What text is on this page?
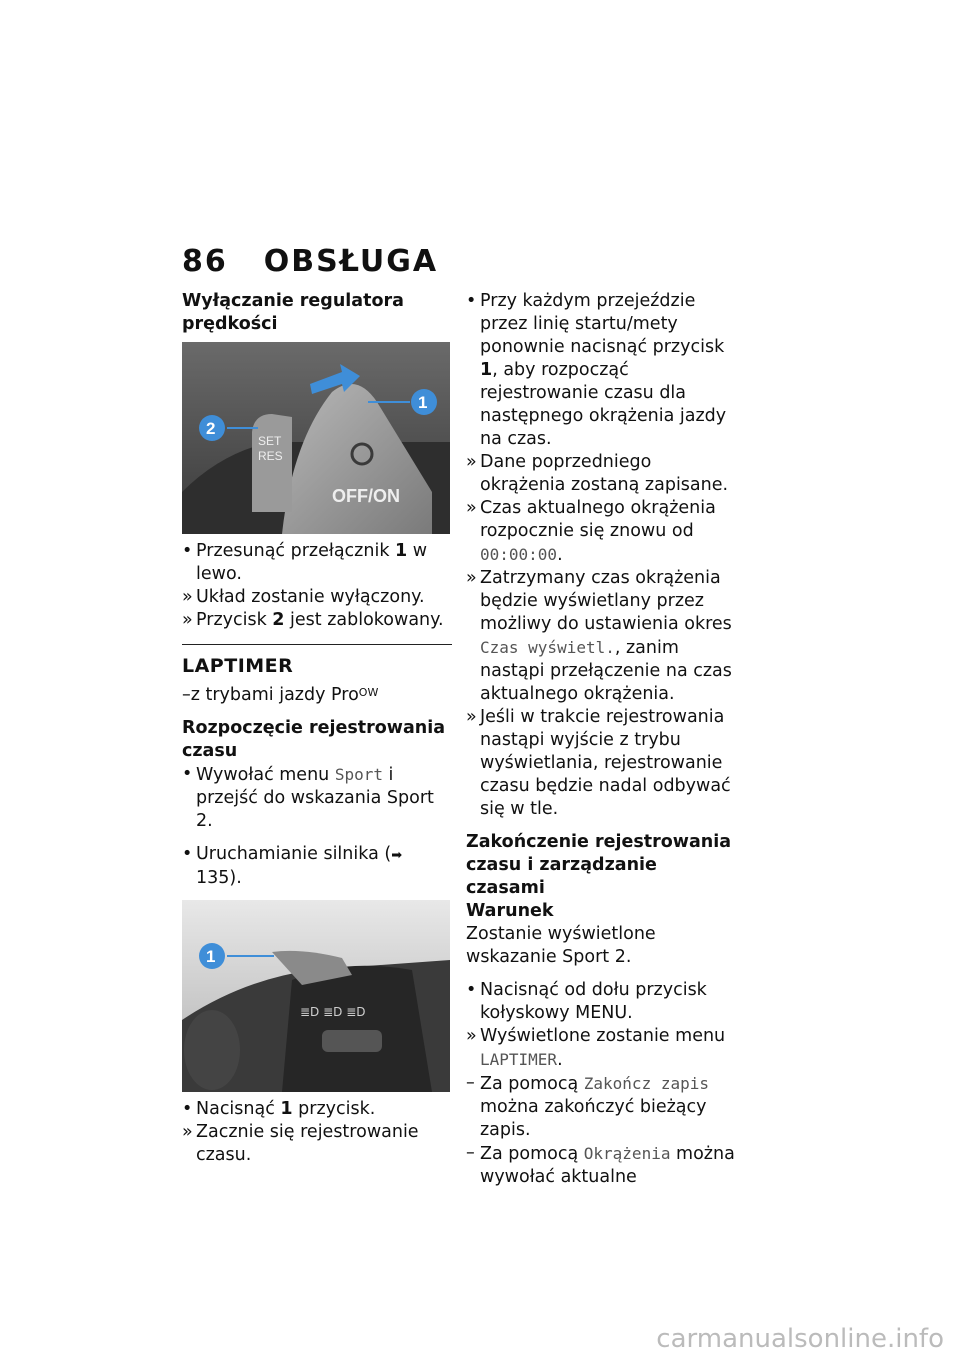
86 OBSŁUGA
Wyłączanie regulatora prędkości
SET
RES
OFF/ON
2
1
• Przesunąć przełącznik 1 w lewo.
» Układ zostanie wyłączony.
» Przycisk 2 jest zablokowany.
LAPTIMER
–z trybami jazdy Pro$^{OW}$
Rozpoczęcie rejestrowania czasu
• Wywołać menu Sport i przejść do wskazania Sport 2.
• Uruchamianie silnika (➡ 135).
≣D ≣D ≣D
1
• Nacisnąć 1 przycisk.
» Zacznie się rejestrowanie czasu.
• Przy każdym przejeździe przez linię startu/mety ponownie nacisnąć przycisk 1, aby rozpocząć rejestrowanie czasu dla następnego okrążenia jazdy na czas.
» Dane poprzedniego okrążenia zostaną zapisane.
» Czas aktualnego okrążenia rozpocznie się znowu od 00:00:00.
» Zatrzymany czas okrążenia będzie wyświetlany przez możliwy do ustawienia okres Czas wyświetl., zanim nastąpi przełączenie na czas aktualnego okrążenia.
» Jeśli w trakcie rejestrowania nastąpi wyjście z trybu wyświetlania, rejestrowanie czasu będzie nadal odbywać się w tle.
Zakończenie rejestrowania czasu i zarządzanie czasami
Warunek
Zostanie wyświetlone wskazanie Sport 2.
• Nacisnąć od dołu przycisk kołyskowy MENU.
» Wyświetlone zostanie menu LAPTIMER.
– Za pomocą Zakończ zapis można zakończyć bieżący zapis.
– Za pomocą Okrążenia można wywołać aktualne
carmanualsonline.info
